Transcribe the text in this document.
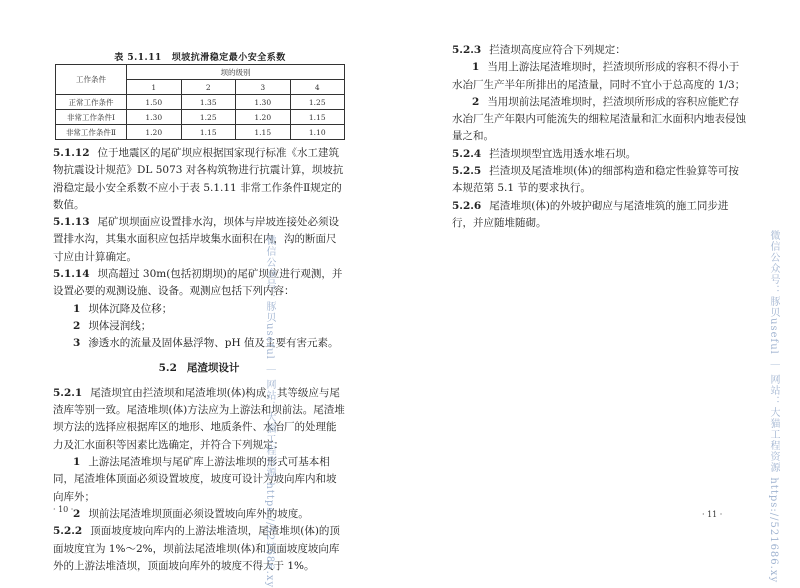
表 5.1.11 坝坡抗滑稳定最小安全系数
工作条件	坝的级别			
	1	2	3	4
正常工作条件	1.50	1.35	1.30	1.25
非常工作条件Ⅰ	1.30	1.25	1.20	1.15
非常工作条件Ⅱ	1.20	1.15	1.15	1.10

5.1.12 位于地震区的尾矿坝应根据国家现行标准《水工建筑物抗震设计规范》DL 5073 对各构筑物进行抗震计算，坝坡抗滑稳定最小安全系数不应小于表 5.1.11 非常工作条件Ⅱ规定的数值。

5.1.13 尾矿坝坝面应设置排水沟，坝体与岸坡连接处必须设置排水沟，其集水面积应包括岸坡集水面积在内，沟的断面尺寸应由计算确定。

5.1.14 坝高超过 30m(包括初期坝)的尾矿坝应进行观测，并设置必要的观测设施、设备。观测应包括下列内容：

1 坝体沉降及位移；

2 坝体浸润线；

3 渗透水的流量及固体悬浮物、pH 值及主要有害元素。

5.2 尾渣坝设计

5.2.1 尾渣坝宜由拦渣坝和尾渣堆坝(体)构成，其等级应与尾渣库等别一致。尾渣堆坝(体)方法应为上游法和坝前法。尾渣堆坝方法的选择应根据库区的地形、地质条件、水冶厂的处理能力及汇水面积等因素比选确定，并符合下列规定：

1 上游法尾渣堆坝与尾矿库上游法堆坝的形式可基本相同，尾渣堆体顶面必须设置坡度，坡度可设计为坡向库内和坡向库外；

2 坝前法尾渣堆坝顶面必须设置坡向库外的坡度。

5.2.2 顶面坡度坡向库内的上游法堆渣坝，尾渣堆坝(体)的顶面坡度宜为 1%～2%，坝前法尾渣堆坝(体)和顶面坡度坡向库外的上游法堆渣坝，顶面坡向库外的坡度不得大于 1%。

· 10 ·

5.2.3 拦渣坝高度应符合下列规定：

1 当用上游法尾渣堆坝时，拦渣坝所形成的容积不得小于水冶厂生产半年所排出的尾渣量，同时不宜小于总高度的 1/3；

2 当用坝前法尾渣堆坝时，拦渣坝所形成的容积应能贮存水冶厂生产年限内可能流失的细粒尾渣量和汇水面积内地表侵蚀量之和。

5.2.4 拦渣坝坝型宜选用透水堆石坝。

5.2.5 拦渣坝及尾渣堆坝(体)的细部构造和稳定性验算等可按本规范第 5.1 节的要求执行。

5.2.6 尾渣堆坝(体)的外坡护砌应与尾渣堆筑的施工同步进行，并应随堆随砌。

· 11 ·
微信公众号：豚贝useful ｜ 网站：大猫工程资源 https://521686.xy	微信公众号：豚贝useful ｜ 网站：大猫工程资源 https://521686.xy
